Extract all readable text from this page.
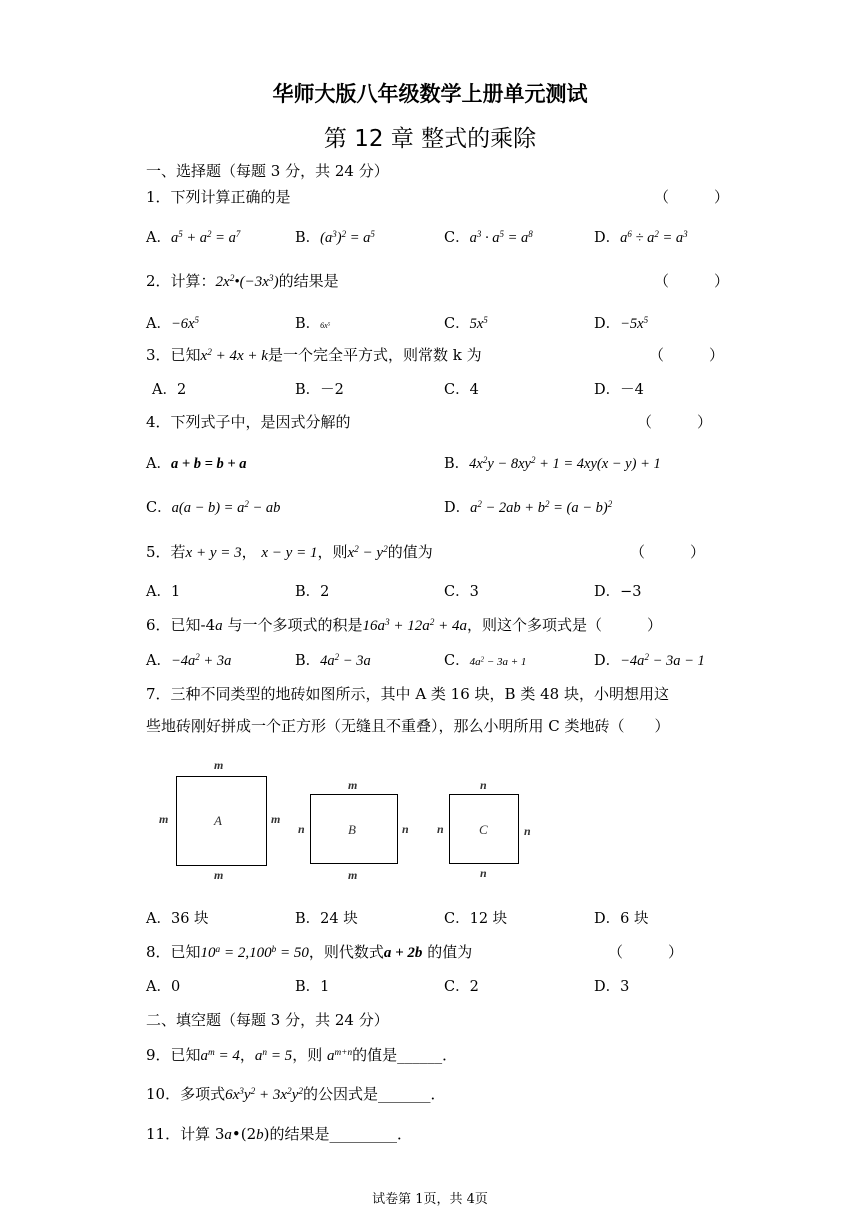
华师大版八年级数学上册单元测试
第 12 章 整式的乘除
一、选择题（每题 3 分，共 24 分）
1．下列计算正确的是	（　　　）
A．$a^5 + a^2 = a^7$	B．$(a^3)^2 = a^5$	C．$a^3 \cdot a^5 = a^8$	D．$a^6 \div a^2 = a^3$
2．计算：$2x^2•(-3x^3)$的结果是	（　　　）
A．$-6x^5$	B．$6x^5$	C．$5x^5$	D．$-5x^5$
3．已知$x^2 + 4x + k$是一个完全平方式，则常数 k 为	（　　　）
A．2	B．－2	C．4	D．－4
4．下列式子中，是因式分解的	（　　　）
A．a + b = b + a	B．$4x^2y - 8xy^2 + 1 = 4xy(x - y) + 1$
C．$a(a - b) = a^2$ − ab	D．$a^2 - 2ab + b^2 = (a - b)^2$
5．若x + y = 3， x − y = 1，则$x^2 - y^2$的值为	（　　　）
A．1	B．2	C．3	D．−3
6．已知-4a 与一个多项式的积是$16a^3 + 12a^2 + 4a$，则这个多项式是（　　　）
A．$-4a^2 + 3a$	B．$4a^2 - 3a$	C．$4a^2 - 3a + 1$	D．$-4a^2 - 3a - 1$
7．三种不同类型的地砖如图所示，其中 A 类 16 块，B 类 48 块，小明想用这
些地砖刚好拼成一个正方形（无缝且不重叠），那么小明所用 C 类地砖（　　）
A
m
m
m	m
B
m
m
n	n	C
n
n
n	n
A．36 块	B．24 块	C．12 块	D．6 块
8．已知$10^a = 2,100^b = 50$，则代数式a + 2b 的值为	（　　　）
A．0	B．1	C．2	D．3
二、填空题（每题 3 分，共 24 分）
9．已知$a^m = 4$，$a^n = 5$，则 $a^{m+n}$的值是______．
10．多项式$6x^3y^2 + 3x^2y^2$的公因式是_______．
11．计算 3a•(2b)的结果是_________．
试卷第 1页，共 4页
